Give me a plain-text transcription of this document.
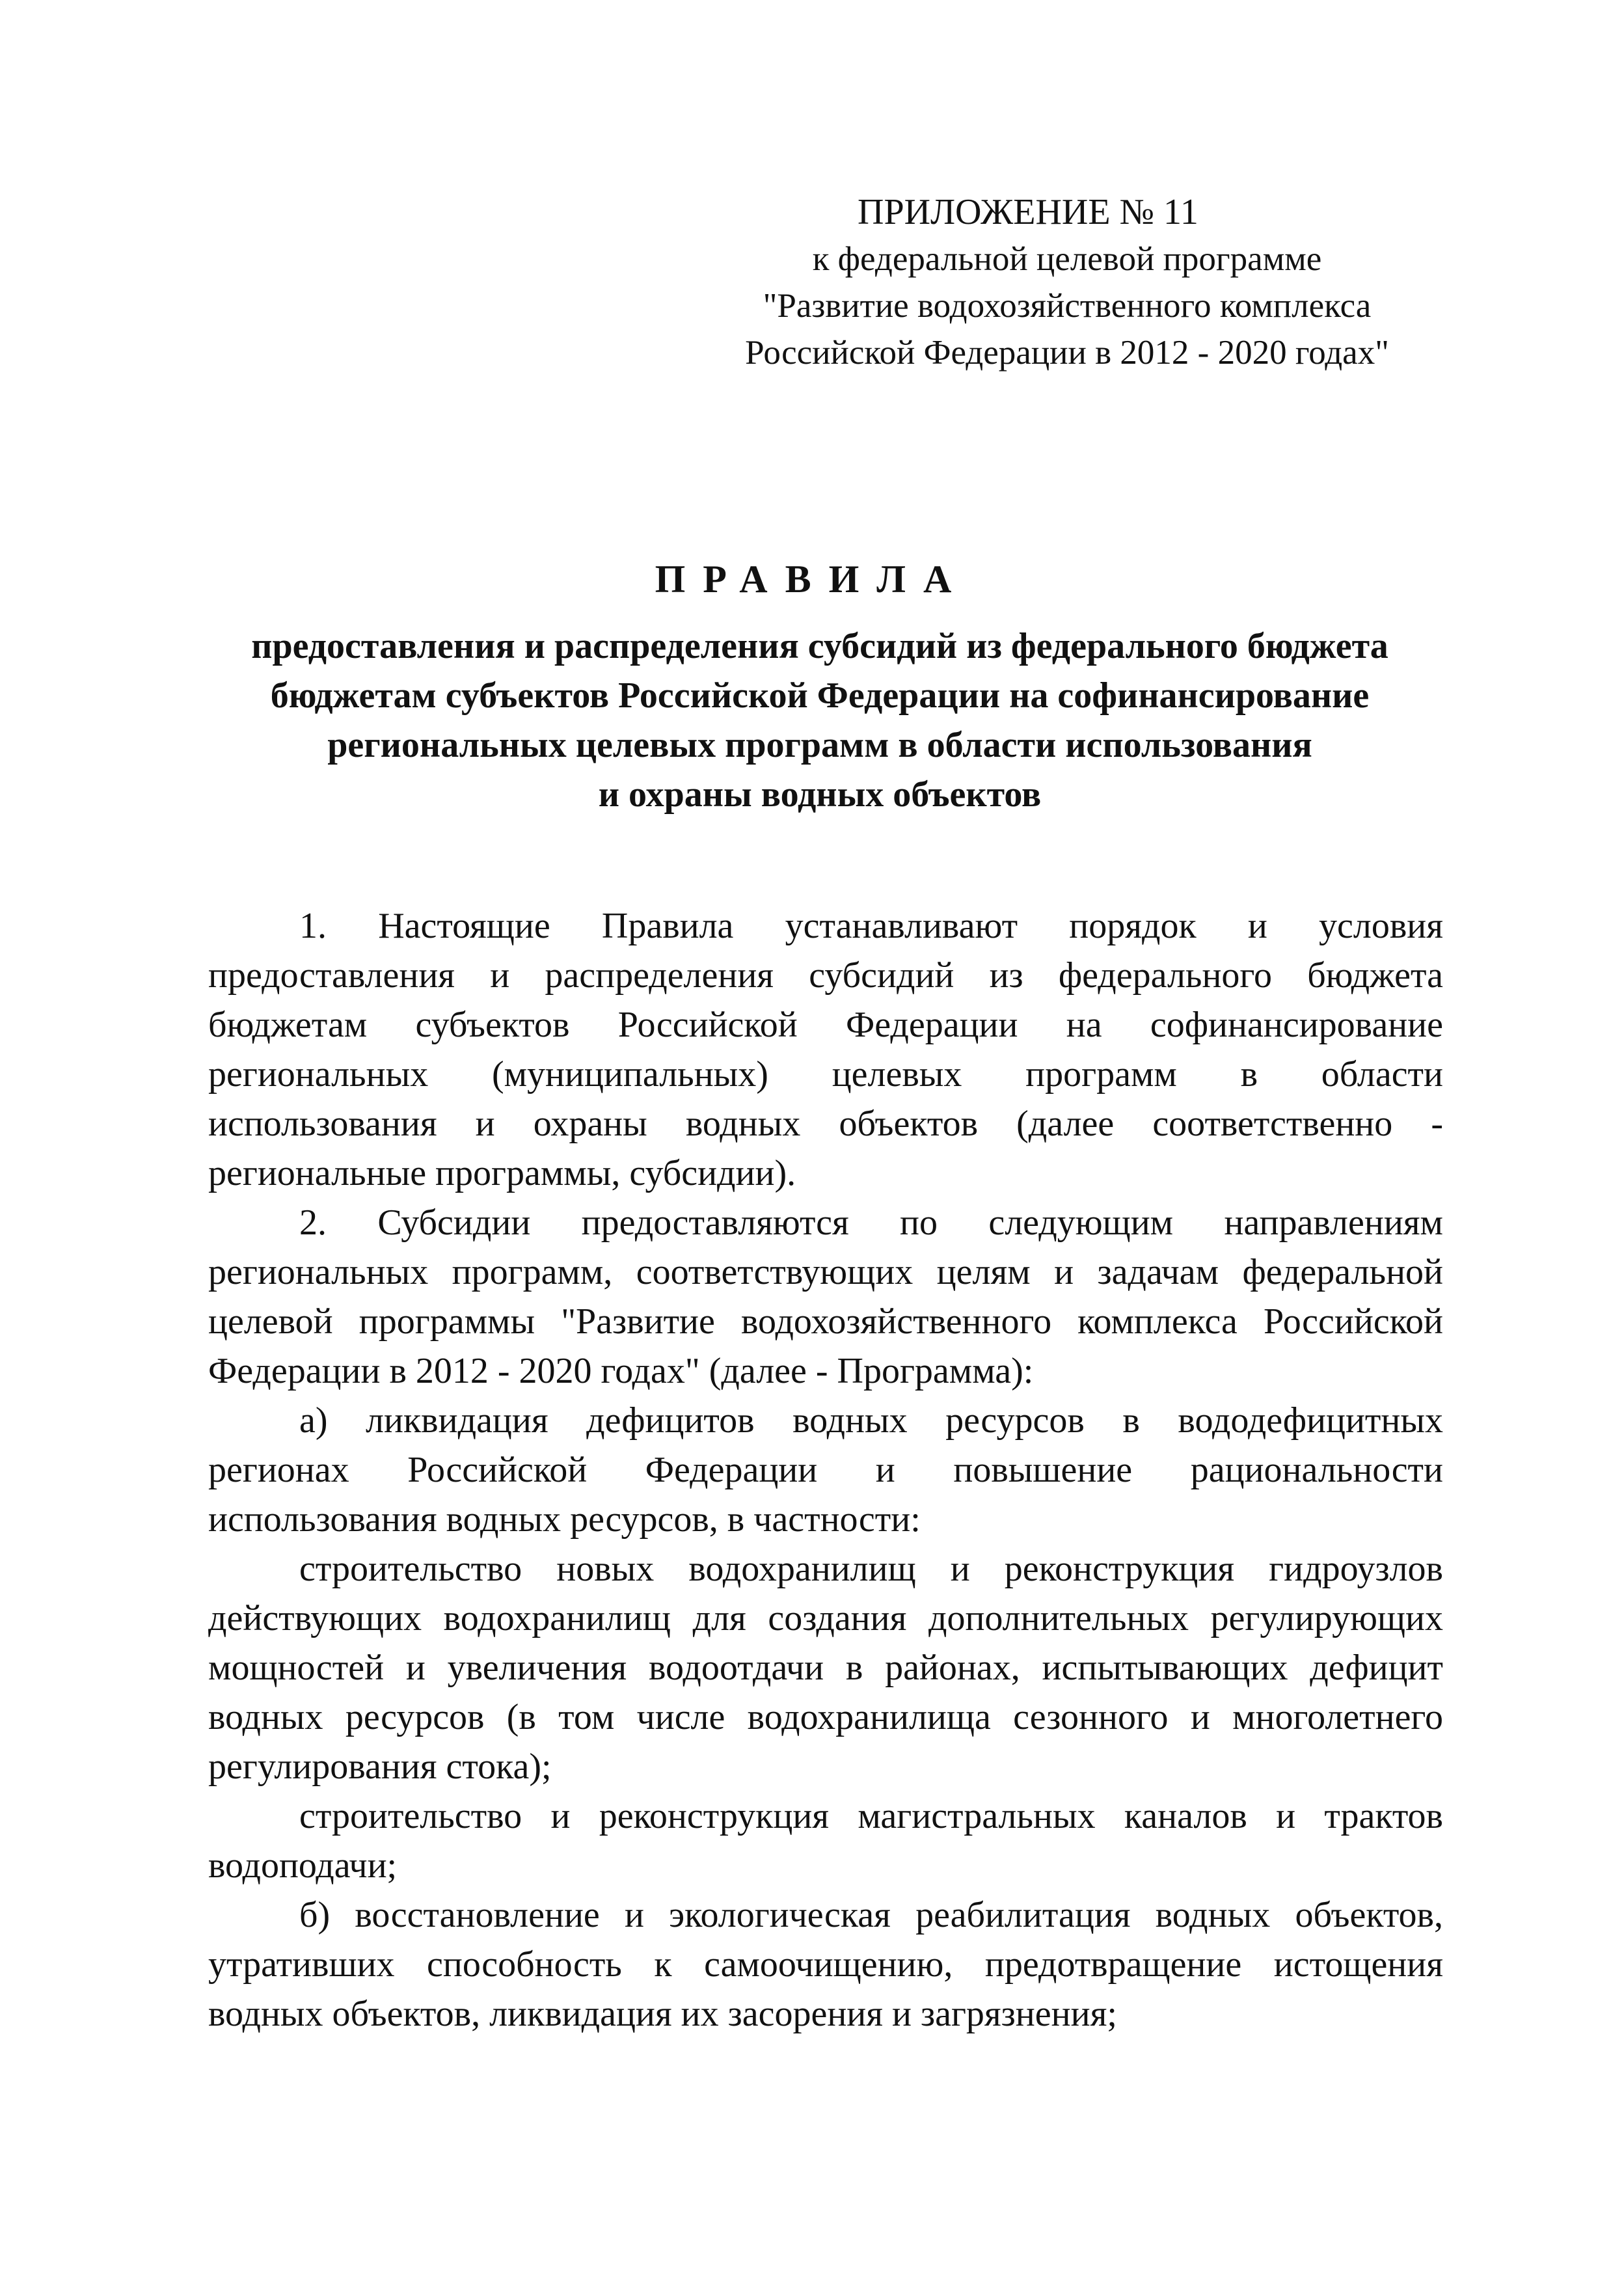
ПРИЛОЖЕНИЕ № 11
к федеральной целевой программе
"Развитие водохозяйственного комплекса
Российской Федерации в 2012 - 2020 годах"
ПРАВИЛА
предоставления и распределения субсидий из федерального бюджета
бюджетам субъектов Российской Федерации на софинансирование
региональных целевых программ в области использования
и охраны водных объектов

1. Настоящие Правила устанавливают порядок и условия

предоставления и распределения субсидий из федерального бюджета

бюджетам субъектов Российской Федерации на софинансирование

региональных (муниципальных) целевых программ в области

использования и охраны водных объектов (далее соответственно -

региональные программы, субсидии).

2. Субсидии предоставляются по следующим направлениям

региональных программ, соответствующих целям и задачам федеральной

целевой программы "Развитие водохозяйственного комплекса Российской

Федерации в 2012 - 2020 годах" (далее - Программа):

а) ликвидация дефицитов водных ресурсов в вододефицитных

регионах Российской Федерации и повышение рациональности

использования водных ресурсов, в частности:

строительство новых водохранилищ и реконструкция гидроузлов

действующих водохранилищ для создания дополнительных регулирующих

мощностей и увеличения водоотдачи в районах, испытывающих дефицит

водных ресурсов (в том числе водохранилища сезонного и многолетнего

регулирования стока);

строительство и реконструкция магистральных каналов и трактов

водоподачи;

б) восстановление и экологическая реабилитация водных объектов,

утративших способность к самоочищению, предотвращение истощения

водных объектов, ликвидация их засорения и загрязнения;
